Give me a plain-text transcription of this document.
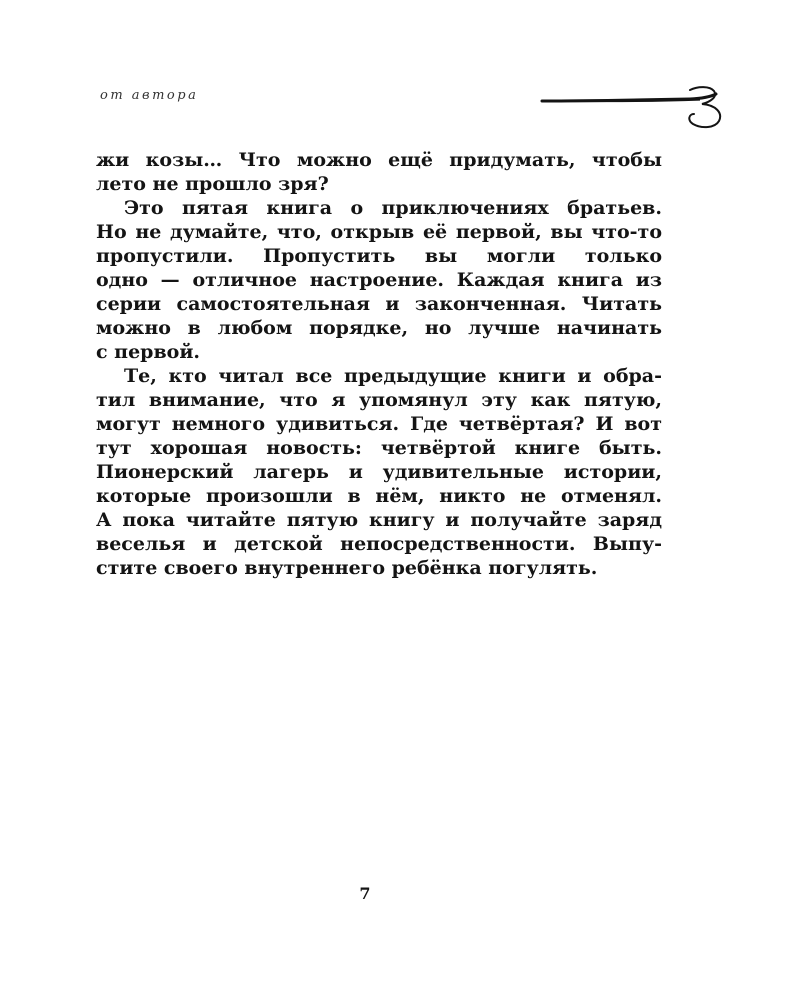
от автора
жи козы… Что можно ещё придумать, чтобы
лето не прошло зря?
Это пятая книга о приключениях братьев.
Но не думайте, что, открыв её первой, вы что-то
пропустили. Пропустить вы могли только
одно — отличное настроение. Каждая книга из
серии самостоятельная и законченная. Читать
можно в любом порядке, но лучше начинать
с первой.
Те, кто читал все предыдущие книги и обра-
тил внимание, что я упомянул эту как пятую,
могут немного удивиться. Где четвёртая? И вот
тут хорошая новость: четвёртой книге быть.
Пионерский лагерь и удивительные истории,
которые произошли в нём, никто не отменял.
А пока читайте пятую книгу и получайте заряд
веселья и детской непосредственности. Выпу-
стите своего внутреннего ребёнка погулять.
7
